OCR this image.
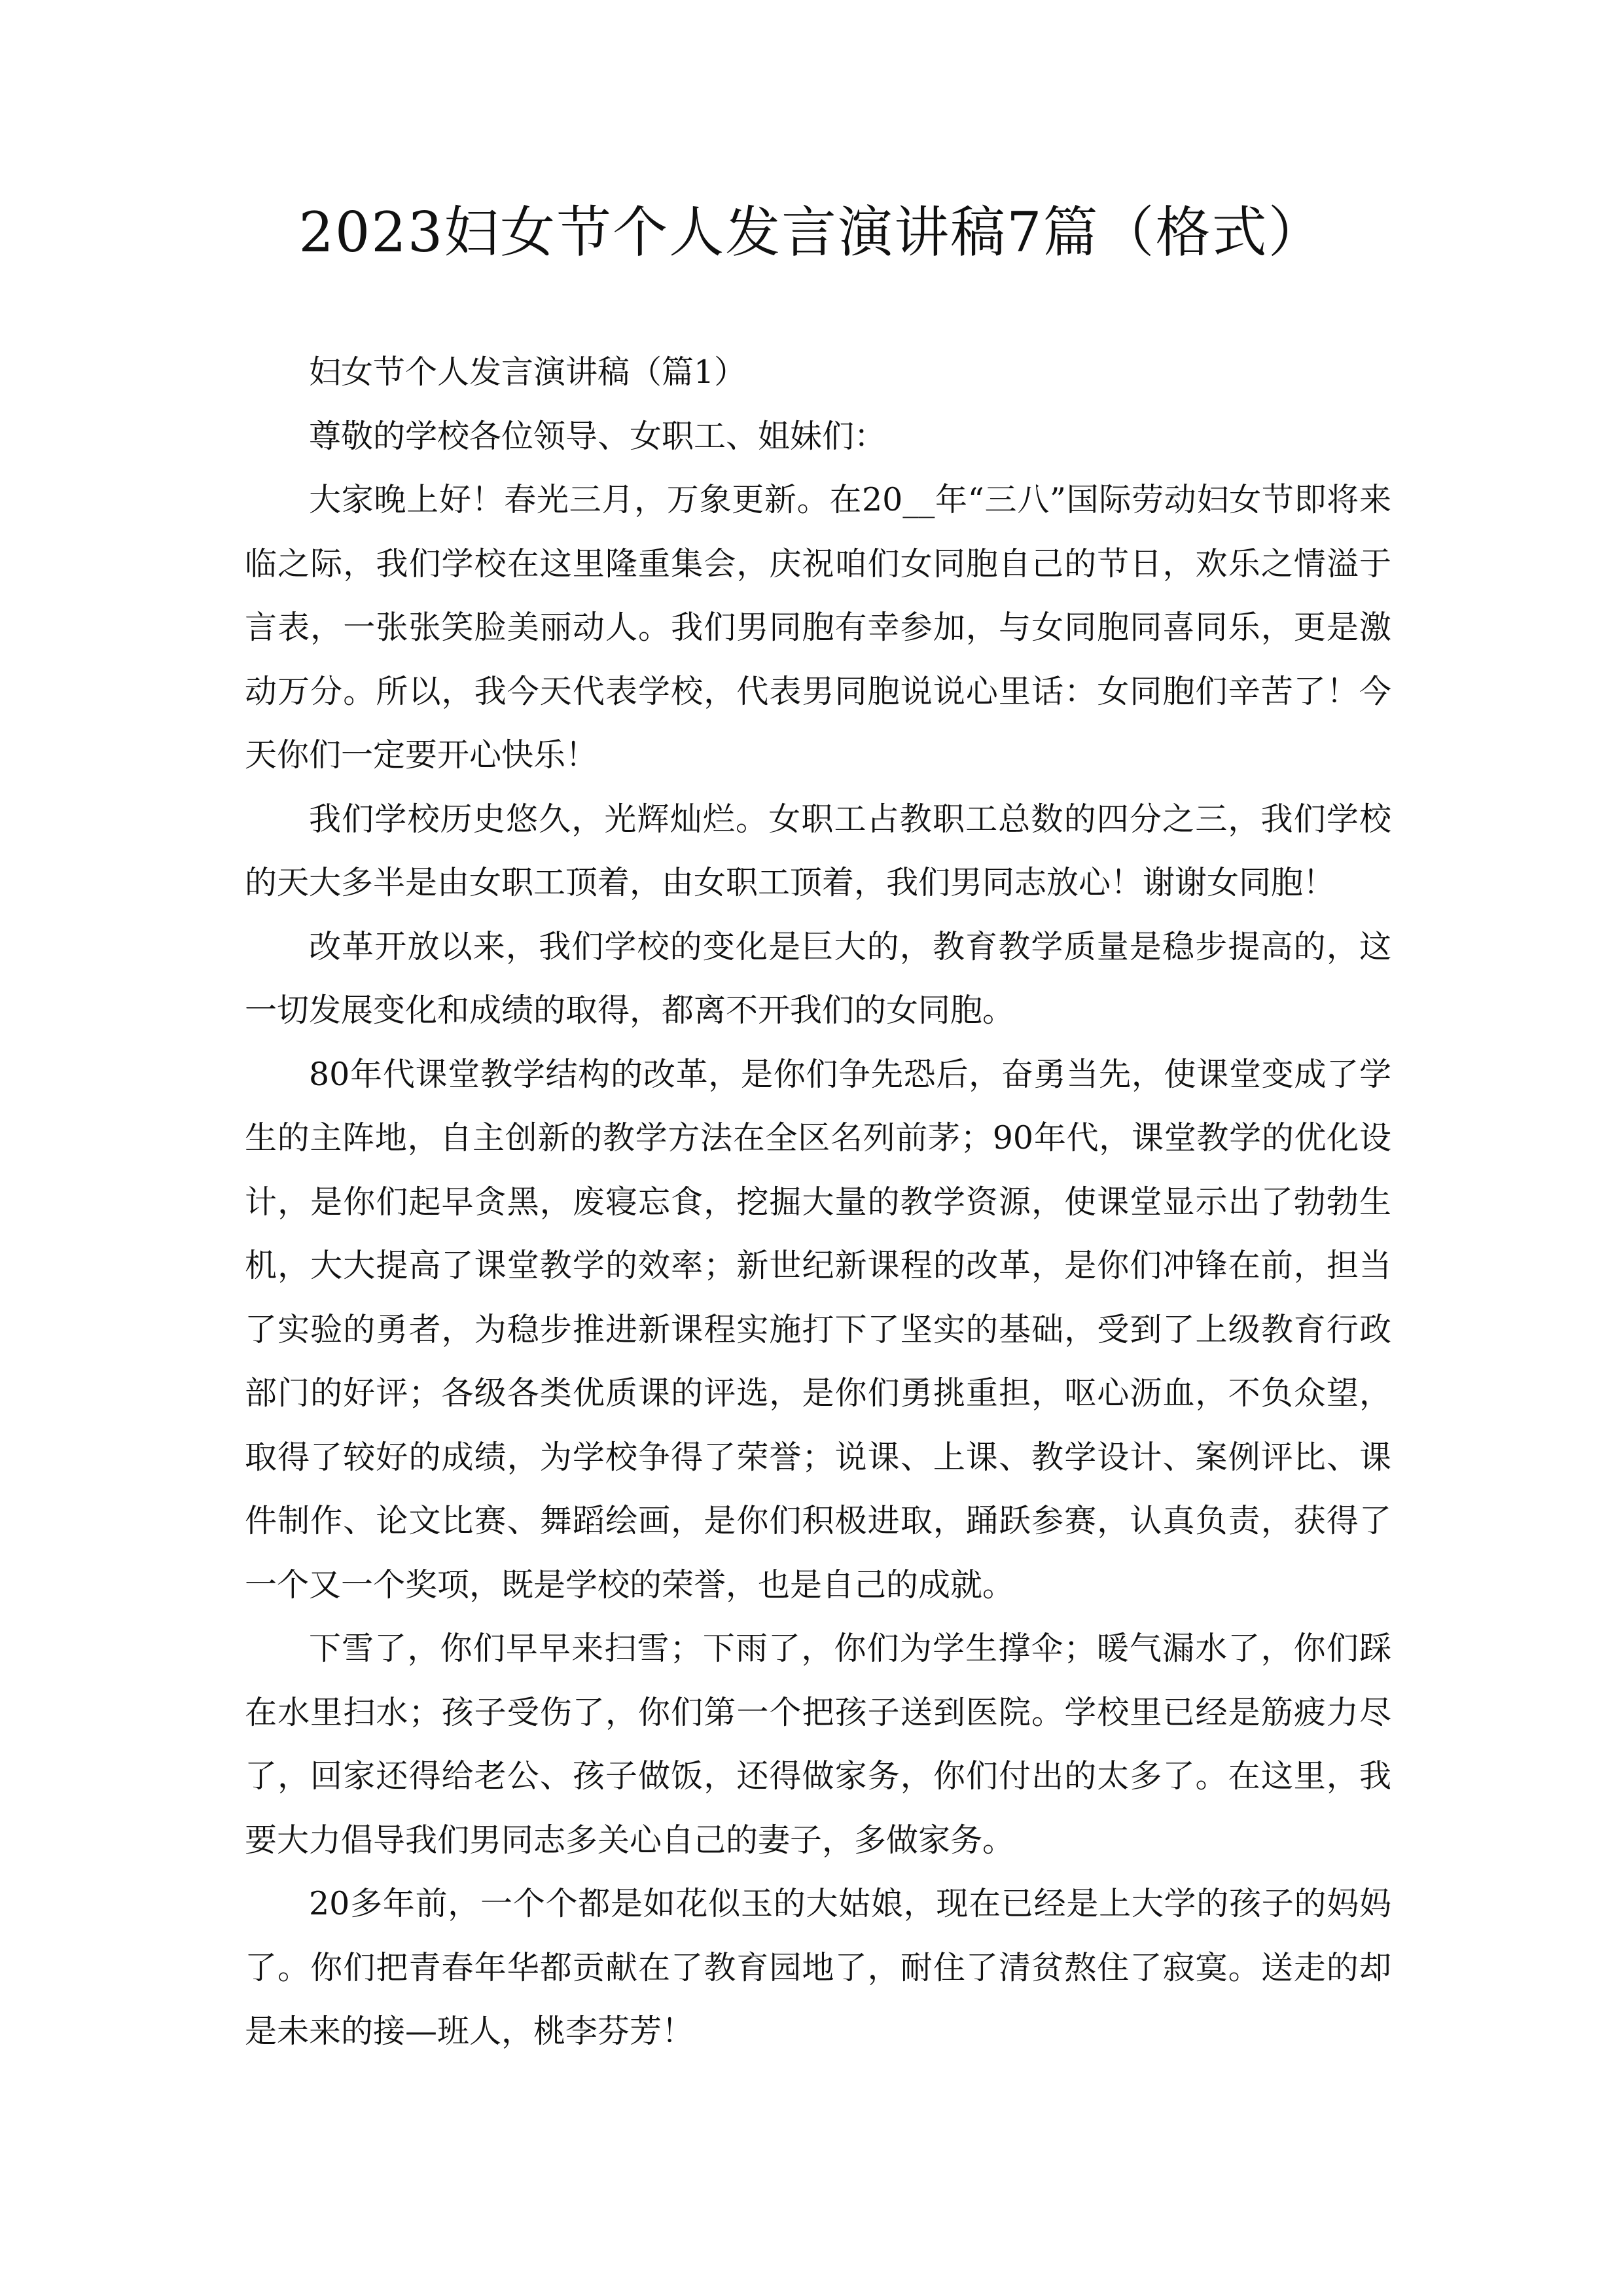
2023妇女节个人发言演讲稿7篇（格式）

妇女节个人发言演讲稿（篇1）

尊敬的学校各位领导、女职工、姐妹们：

大家晚上好！春光三月，万象更新。在20__年“三八”国际劳动妇女节即将来临之际，我们学校在这里隆重集会，庆祝咱们女同胞自己的节日，欢乐之情溢于言表，一张张笑脸美丽动人。我们男同胞有幸参加，与女同胞同喜同乐，更是激动万分。所以，我今天代表学校，代表男同胞说说心里话：女同胞们辛苦了！今天你们一定要开心快乐！

我们学校历史悠久，光辉灿烂。女职工占教职工总数的四分之三，我们学校的天大多半是由女职工顶着，由女职工顶着，我们男同志放心！谢谢女同胞！

改革开放以来，我们学校的变化是巨大的，教育教学质量是稳步提高的，这一切发展变化和成绩的取得，都离不开我们的女同胞。

80年代课堂教学结构的改革，是你们争先恐后，奋勇当先，使课堂变成了学生的主阵地，自主创新的教学方法在全区名列前茅；90年代，课堂教学的优化设计，是你们起早贪黑，废寝忘食，挖掘大量的教学资源，使课堂显示出了勃勃生机，大大提高了课堂教学的效率；新世纪新课程的改革，是你们冲锋在前，担当了实验的勇者，为稳步推进新课程实施打下了坚实的基础，受到了上级教育行政部门的好评；各级各类优质课的评选，是你们勇挑重担，呕心沥血，不负众望，取得了较好的成绩，为学校争得了荣誉；说课、上课、教学设计、案例评比、课件制作、论文比赛、舞蹈绘画，是你们积极进取，踊跃参赛，认真负责，获得了一个又一个奖项，既是学校的荣誉，也是自己的成就。

下雪了，你们早早来扫雪；下雨了，你们为学生撑伞；暖气漏水了，你们踩在水里扫水；孩子受伤了，你们第一个把孩子送到医院。学校里已经是筋疲力尽了，回家还得给老公、孩子做饭，还得做家务，你们付出的太多了。在这里，我要大力倡导我们男同志多关心自己的妻子，多做家务。

20多年前，一个个都是如花似玉的大姑娘，现在已经是上大学的孩子的妈妈了。你们把青春年华都贡献在了教育园地了，耐住了清贫熬住了寂寞。送走的却是未来的接—班人，桃李芬芳！
